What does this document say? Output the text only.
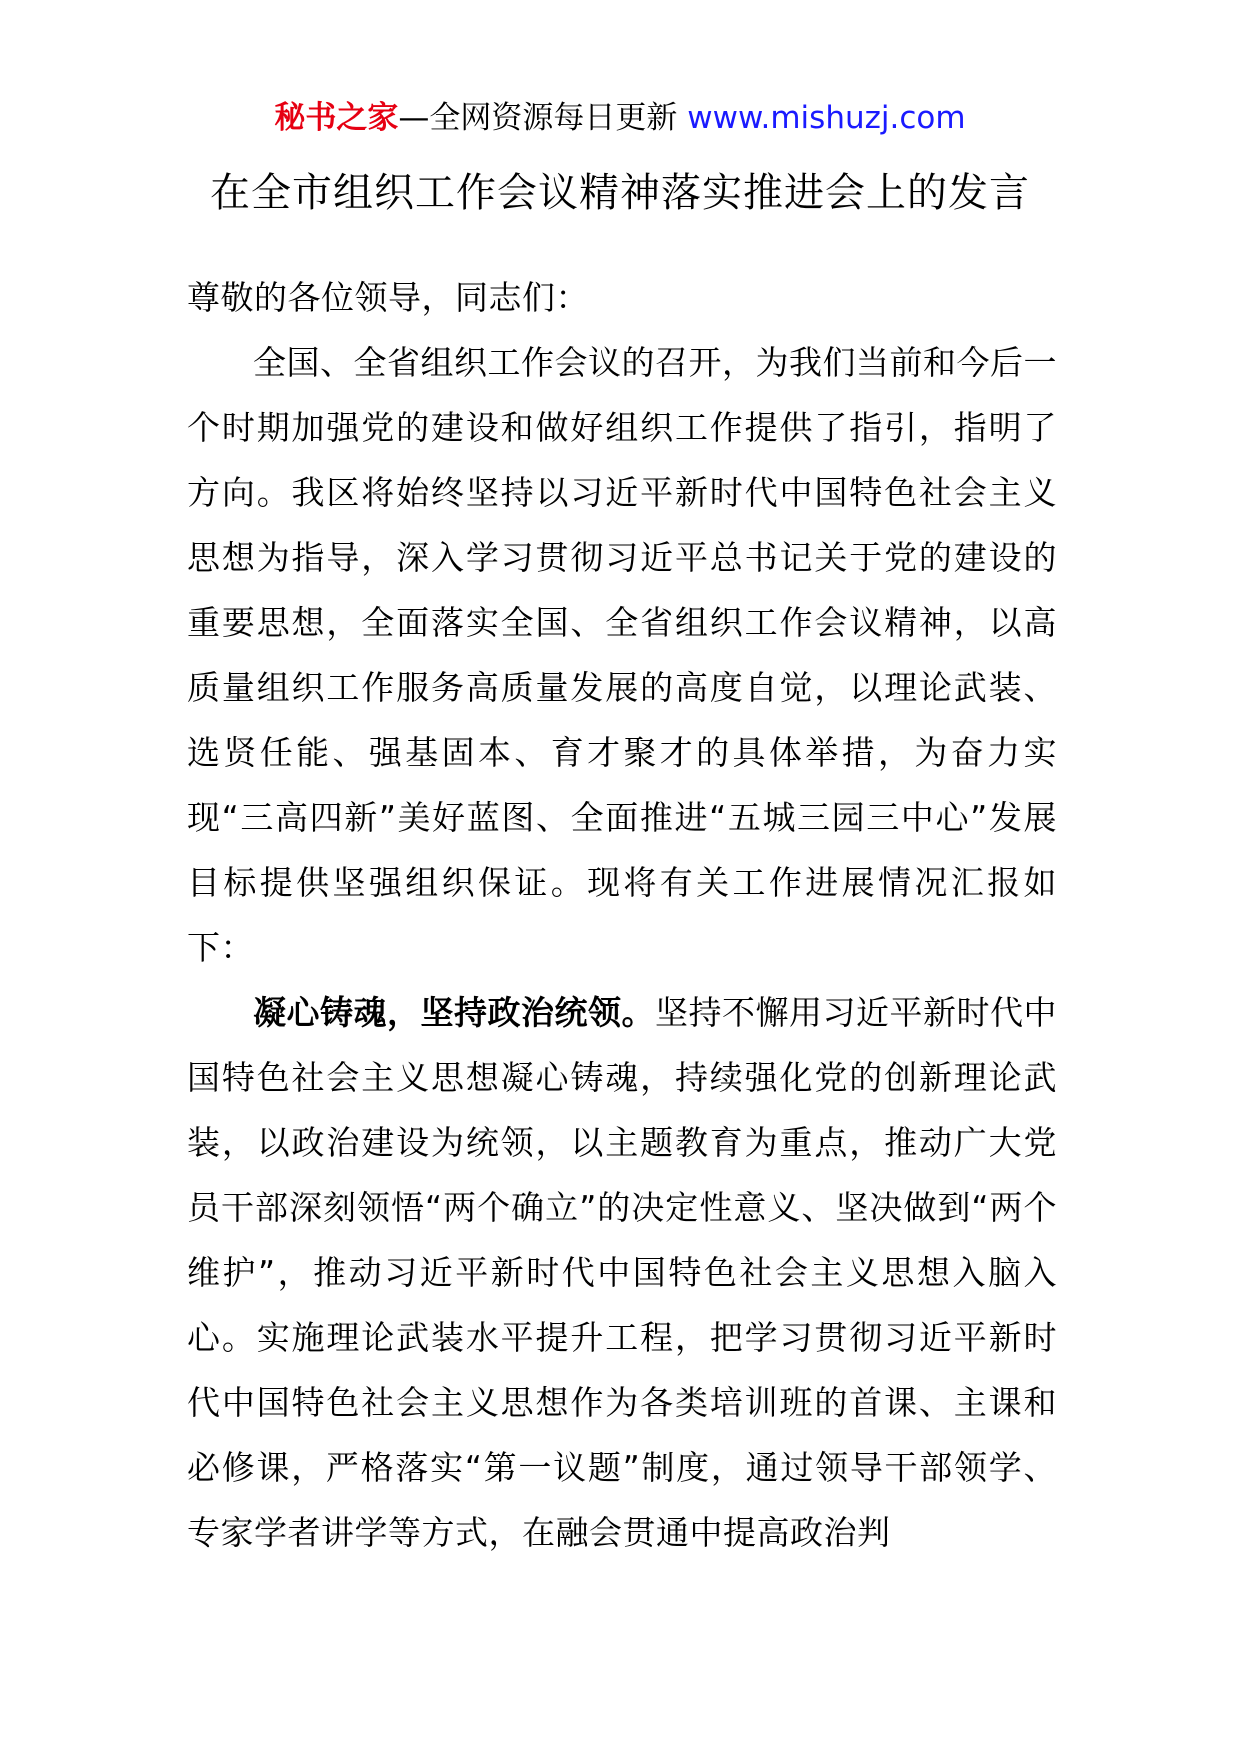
秘书之家—全网资源每日更新 www.mishuzj.com
在全市组织工作会议精神落实推进会上的发言

尊敬的各位领导，同志们：

全国、全省组织工作会议的召开，为我们当前和今后一个时期加强党的建设和做好组织工作提供了指引，指明了方向。我区将始终坚持以习近平新时代中国特色社会主义思想为指导，深入学习贯彻习近平总书记关于党的建设的重要思想，全面落实全国、全省组织工作会议精神，以高质量组织工作服务高质量发展的高度自觉，以理论武装、选贤任能、强基固本、育才聚才的具体举措，为奋力实现“三高四新”美好蓝图、全面推进“五城三园三中心”发展目标提供坚强组织保证。现将有关工作进展情况汇报如下：

凝心铸魂，坚持政治统领。坚持不懈用习近平新时代中国特色社会主义思想凝心铸魂，持续强化党的创新理论武装，以政治建设为统领，以主题教育为重点，推动广大党员干部深刻领悟“两个确立”的决定性意义、坚决做到“两个维护”，推动习近平新时代中国特色社会主义思想入脑入心。实施理论武装水平提升工程，把学习贯彻习近平新时代中国特色社会主义思想作为各类培训班的首课、主课和必修课，严格落实“第一议题”制度，通过领导干部领学、专家学者讲学等方式，在融会贯通中提高政治判
